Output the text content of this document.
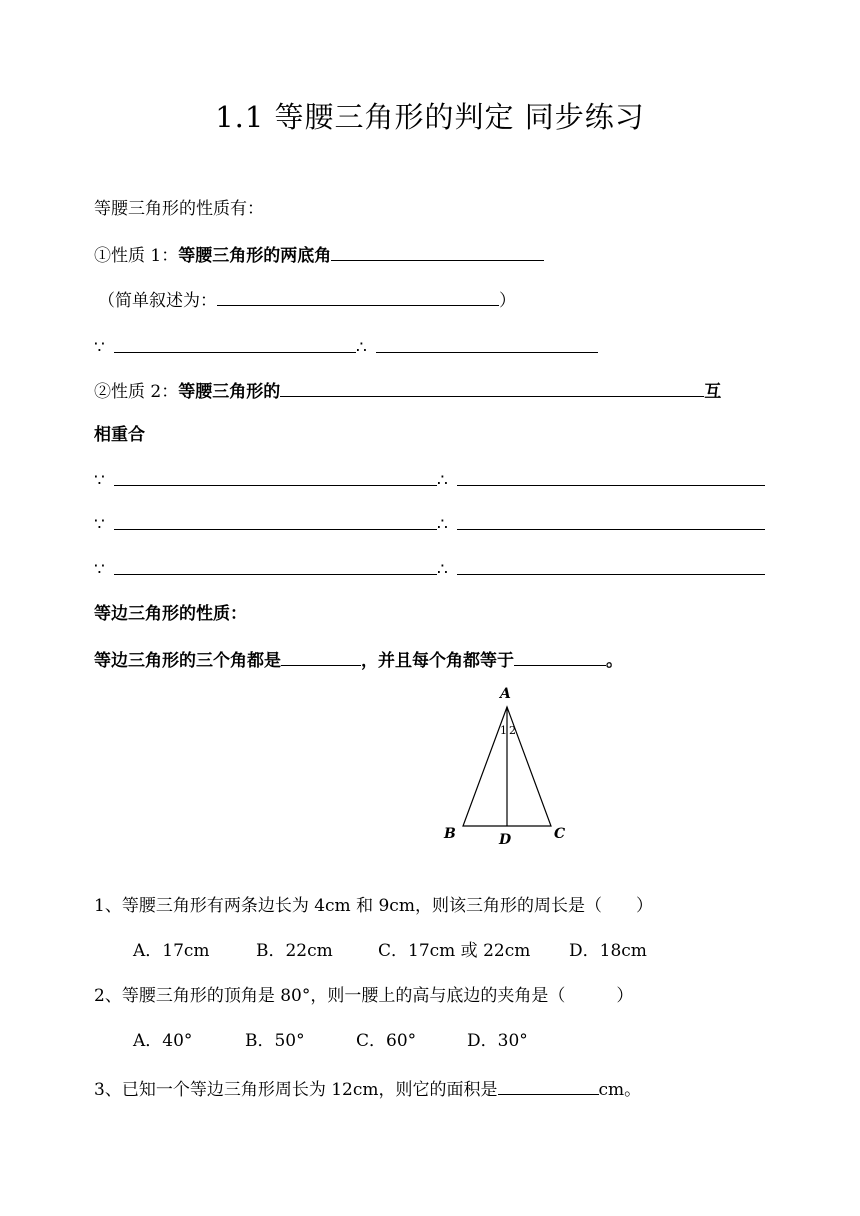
1.1 等腰三角形的判定 同步练习
等腰三角形的性质有：
①性质 1：等腰三角形的两底角
（简单叙述为：	）
∵	∴
②性质 2：等腰三角形的	互
相重合
∵	∴
∵	∴
∵	∴
等边三角形的性质：
等边三角形的三个角都是	，并且每个角都等于	。
A
B	C
D
1 2
1、等腰三角形有两条边长为 4cm 和 9cm，则该三角形的周长是（　　）
A．17cm	B．22cm	C．17cm 或 22cm D．18cm
2、等腰三角形的顶角是 80°，则一腰上的高与底边的夹角是（　　　）
A．40°	B．50°	C．60°	D．30°
3、已知一个等边三角形周长为 12cm，则它的面积是	cm。
